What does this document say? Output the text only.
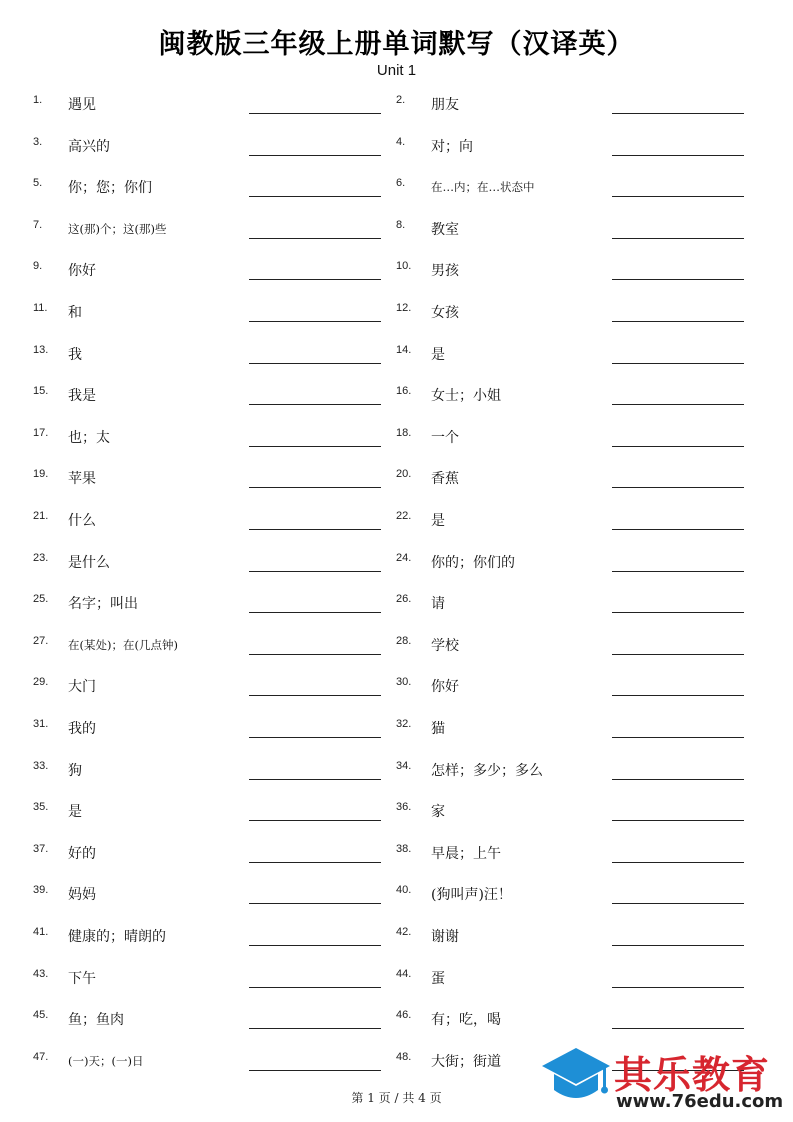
闽教版三年级上册单词默写（汉译英）
Unit 1
1. 遇见	2. 朋友
3. 高兴的	4. 对；向
5. 你；您；你们	6. 在…内；在…状态中
7. 这(那)个；这(那)些	8. 教室
9. 你好	10. 男孩
11. 和	12. 女孩
13. 我	14. 是
15. 我是	16. 女士；小姐
17. 也；太	18. 一个
19. 苹果	20. 香蕉
21. 什么	22. 是
23. 是什么	24. 你的；你们的
25. 名字；叫出	26. 请
27. 在(某处)；在(几点钟)	28. 学校
29. 大门	30. 你好
31. 我的	32. 猫
33. 狗	34. 怎样；多少；多么
35. 是	36. 家
37. 好的	38. 早晨；上午
39. 妈妈	40. (狗叫声)汪！
41. 健康的；晴朗的	42. 谢谢
43. 下午	44. 蛋
45. 鱼；鱼肉	46. 有；吃，喝
47. (一)天；(一)日	48. 大街；街道
第 1 页 / 共 4 页
其乐教育
www.76edu.com
